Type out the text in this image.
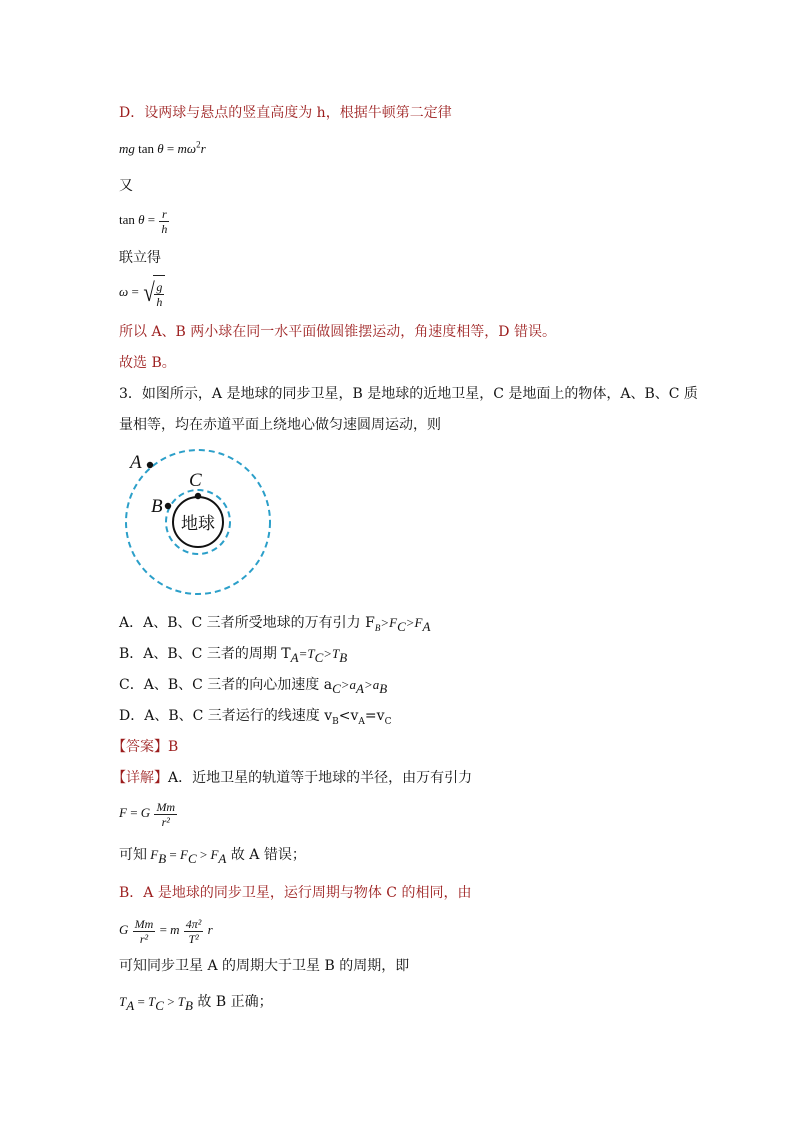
D．设两球与悬点的竖直高度为 h，根据牛顿第二定律
mg $\tan \theta = m\omega^2r$
又
$\tan \theta = \frac{r}{h}$
联立得
ω = √ $\frac{g}{h}$
所以 A、B 两小球在同一水平面做圆锥摆运动，角速度相等，D 错误。
故选 B。
3．如图所示，A 是地球的同步卫星，B 是地球的近地卫星，C 是地面上的物体，A、B、C 质
量相等，均在赤道平面上绕地心做匀速圆周运动，则
A
B
C
地球
A．A、B、C 三者所受地球的万有引力 $F_B>F_C>F_A$
B．A、B、C 三者的周期 $T_A=T_C>T_B$
C．A、B、C 三者的向心加速度 $a_C>a_A>a_B$
D．A、B、C 三者运行的线速度 $v_B<v_A=v_C$
【答案】B
【详解】A．近地卫星的轨道等于地球的半径，由万有引力
F = G $\frac{Mm}{\text{r²}}$
可知 $F_B = F_C > F_A$ 故 A 错误；
B．A 是地球的同步卫星，运行周期与物体 C 的相同，由
G $\frac{Mm}{\text{r²}} = m \frac{\text{4π²}}{\text{T²}}$ r
可知同步卫星 A 的周期大于卫星 B 的周期，即
$T_A = T_C > T_B$ 故 B 正确；
